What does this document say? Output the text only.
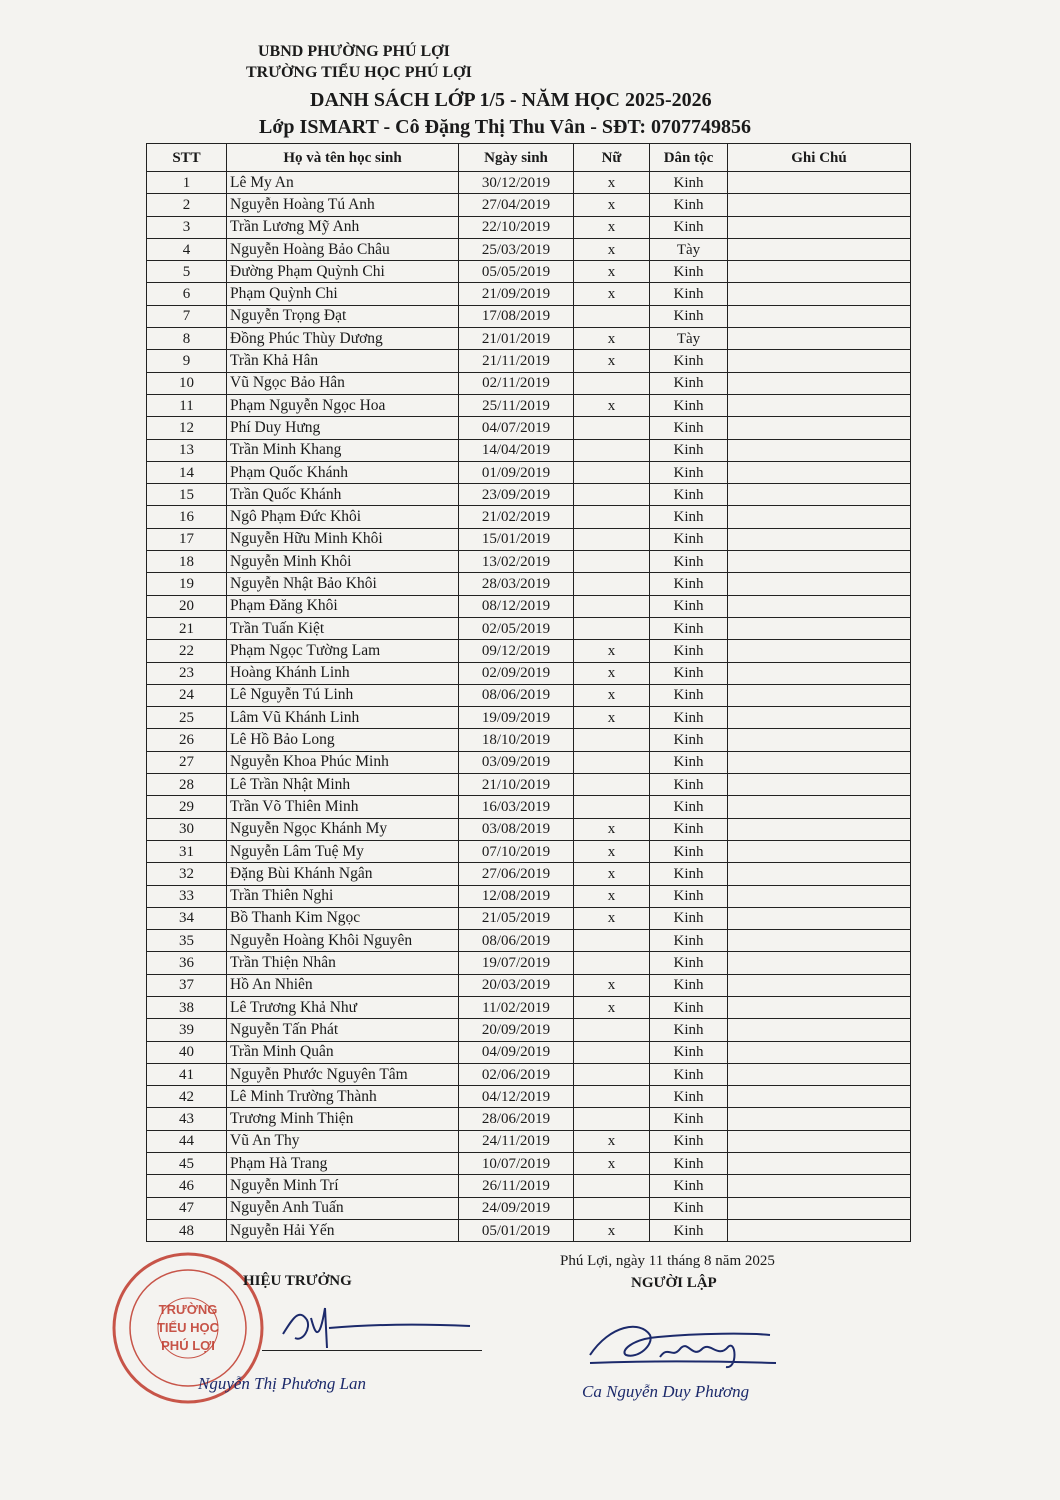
UBND PHƯỜNG PHÚ LỢI
TRƯỜNG TIỂU HỌC PHÚ LỢI
DANH SÁCH LỚP 1/5 - NĂM HỌC 2025-2026
Lớp ISMART - Cô Đặng Thị Thu Vân - SĐT: 0707749856
STT	Họ và tên học sinh	Ngày sinh	Nữ	Dân tộc	Ghi Chú
1	Lê My An	30/12/2019	x	Kinh	
2	Nguyễn Hoàng Tú Anh	27/04/2019	x	Kinh	
3	Trần Lương Mỹ Anh	22/10/2019	x	Kinh	
4	Nguyễn Hoàng Bảo Châu	25/03/2019	x	Tày	
5	Đường Phạm Quỳnh Chi	05/05/2019	x	Kinh	
6	Phạm Quỳnh Chi	21/09/2019	x	Kinh	
7	Nguyễn Trọng Đạt	17/08/2019		Kinh	
8	Đồng Phúc Thùy Dương	21/01/2019	x	Tày	
9	Trần Khả Hân	21/11/2019	x	Kinh	
10	Vũ Ngọc Bảo Hân	02/11/2019		Kinh	
11	Phạm Nguyễn Ngọc Hoa	25/11/2019	x	Kinh	
12	Phí Duy Hưng	04/07/2019		Kinh	
13	Trần Minh Khang	14/04/2019		Kinh	
14	Phạm Quốc Khánh	01/09/2019		Kinh	
15	Trần Quốc Khánh	23/09/2019		Kinh	
16	Ngô Phạm Đức Khôi	21/02/2019		Kinh	
17	Nguyễn Hữu Minh Khôi	15/01/2019		Kinh	
18	Nguyễn Minh Khôi	13/02/2019		Kinh	
19	Nguyễn Nhật Bảo Khôi	28/03/2019		Kinh	
20	Phạm Đăng Khôi	08/12/2019		Kinh	
21	Trần Tuấn Kiệt	02/05/2019		Kinh	
22	Phạm Ngọc Tường Lam	09/12/2019	x	Kinh	
23	Hoàng Khánh Linh	02/09/2019	x	Kinh	
24	Lê Nguyễn Tú Linh	08/06/2019	x	Kinh	
25	Lâm Vũ Khánh Linh	19/09/2019	x	Kinh	
26	Lê Hồ Bảo Long	18/10/2019		Kinh	
27	Nguyễn Khoa Phúc Minh	03/09/2019		Kinh	
28	Lê Trần Nhật Minh	21/10/2019		Kinh	
29	Trần Võ Thiên Minh	16/03/2019		Kinh	
30	Nguyễn Ngọc Khánh My	03/08/2019	x	Kinh	
31	Nguyễn Lâm Tuệ My	07/10/2019	x	Kinh	
32	Đặng Bùi Khánh Ngân	27/06/2019	x	Kinh	
33	Trần Thiên Nghi	12/08/2019	x	Kinh	
34	Bồ Thanh Kim Ngọc	21/05/2019	x	Kinh	
35	Nguyễn Hoàng Khôi Nguyên	08/06/2019		Kinh	
36	Trần Thiện Nhân	19/07/2019		Kinh	
37	Hồ An Nhiên	20/03/2019	x	Kinh	
38	Lê Trương Khả Như	11/02/2019	x	Kinh	
39	Nguyễn Tấn Phát	20/09/2019		Kinh	
40	Trần Minh Quân	04/09/2019		Kinh	
41	Nguyễn Phước Nguyên Tâm	02/06/2019		Kinh	
42	Lê Minh Trường Thành	04/12/2019		Kinh	
43	Trương Minh Thiện	28/06/2019		Kinh	
44	Vũ An Thy	24/11/2019	x	Kinh	
45	Phạm Hà Trang	10/07/2019	x	Kinh	
46	Nguyễn Minh Trí	26/11/2019		Kinh	
47	Nguyễn Anh Tuấn	24/09/2019		Kinh	
48	Nguyễn Hải Yến	05/01/2019	x	Kinh	
Phú Lợi, ngày 11 tháng 8 năm 2025
NGƯỜI LẬP
TRƯỜNG
TIỂU HỌC
PHÚ LỢI
HIỆU TRƯỞNG
Nguyễn Thị Phương Lan	Ca Nguyễn Duy Phương
